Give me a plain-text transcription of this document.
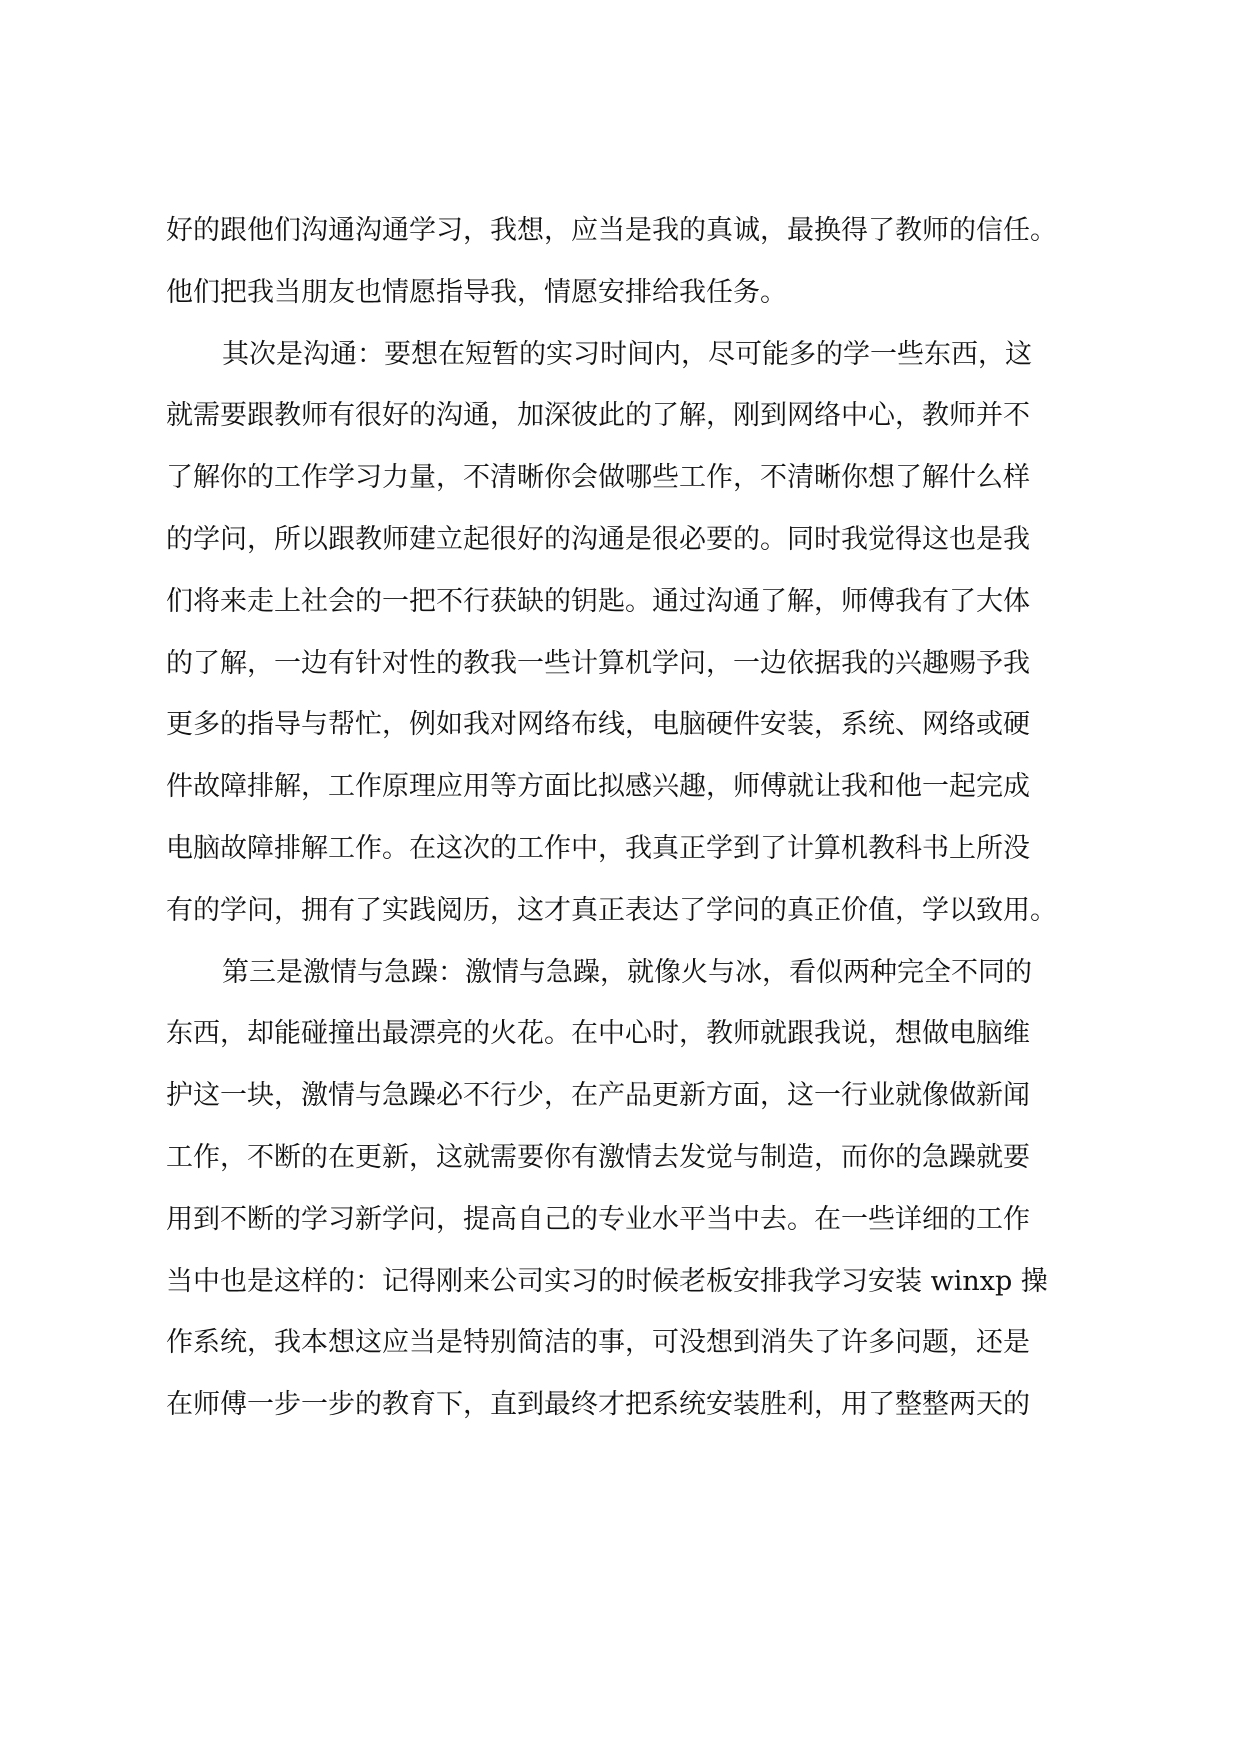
好的跟他们沟通沟通学习，我想，应当是我的真诚，最换得了教师的信任。
他们把我当朋友也情愿指导我，情愿安排给我任务。
其次是沟通：要想在短暂的实习时间内，尽可能多的学一些东西，这
就需要跟教师有很好的沟通，加深彼此的了解，刚到网络中心，教师并不
了解你的工作学习力量，不清晰你会做哪些工作，不清晰你想了解什么样
的学问，所以跟教师建立起很好的沟通是很必要的。同时我觉得这也是我
们将来走上社会的一把不行获缺的钥匙。通过沟通了解，师傅我有了大体
的了解，一边有针对性的教我一些计算机学问，一边依据我的兴趣赐予我
更多的指导与帮忙，例如我对网络布线，电脑硬件安装，系统、网络或硬
件故障排解，工作原理应用等方面比拟感兴趣，师傅就让我和他一起完成
电脑故障排解工作。在这次的工作中，我真正学到了计算机教科书上所没
有的学问，拥有了实践阅历，这才真正表达了学问的真正价值，学以致用。
第三是激情与急躁：激情与急躁，就像火与冰，看似两种完全不同的
东西，却能碰撞出最漂亮的火花。在中心时，教师就跟我说，想做电脑维
护这一块，激情与急躁必不行少，在产品更新方面，这一行业就像做新闻
工作，不断的在更新，这就需要你有激情去发觉与制造，而你的急躁就要
用到不断的学习新学问，提高自己的专业水平当中去。在一些详细的工作
当中也是这样的：记得刚来公司实习的时候老板安排我学习安装 winxp 操
作系统，我本想这应当是特别简洁的事，可没想到消失了许多问题，还是
在师傅一步一步的教育下，直到最终才把系统安装胜利，用了整整两天的
